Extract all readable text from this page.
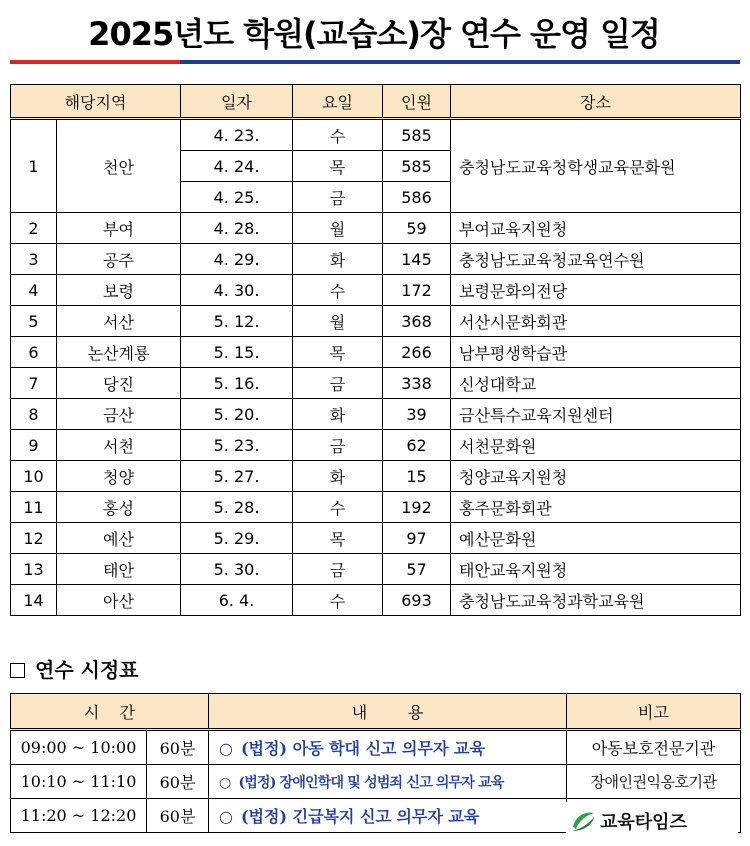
2025년도 학원(교습소)장 연수 운영 일정
해당지역		일자	요일	인원	장소
1	천안	4. 23.	수	585	충청남도교육청학생교육문화원
		4. 24.	목	585	
		4. 25.	금	586	
2	부여	4. 28.	월	59	부여교육지원청
3	공주	4. 29.	화	145	충청남도교육청교육연수원
4	보령	4. 30.	수	172	보령문화의전당
5	서산	5. 12.	월	368	서산시문화회관
6	논산계룡	5. 15.	목	266	남부평생학습관
7	당진	5. 16.	금	338	신성대학교
8	금산	5. 20.	화	39	금산특수교육지원센터
9	서천	5. 23.	금	62	서천문화원
10	청양	5. 27.	화	15	청양교육지원청
11	홍성	5. 28.	수	192	홍주문화회관
12	예산	5. 29.	목	97	예산문화원
13	태안	5. 30.	금	57	태안교육지원청
14	아산	6. 4.	수	693	충청남도교육청과학교육원
연수 시정표
시    간		내        용	비고
09:00 ~ 10:00	60분	○ (법정) 아동 학대 신고 의무자 교육	아동보호전문기관
10:10 ~ 11:10	60분	○ (법정) 장애인학대 및 성범죄 신고 의무자 교육	장애인권익옹호기관
11:20 ~ 12:20	60분	○ (법정) 긴급복지 신고 의무자 교육		교육타임즈
